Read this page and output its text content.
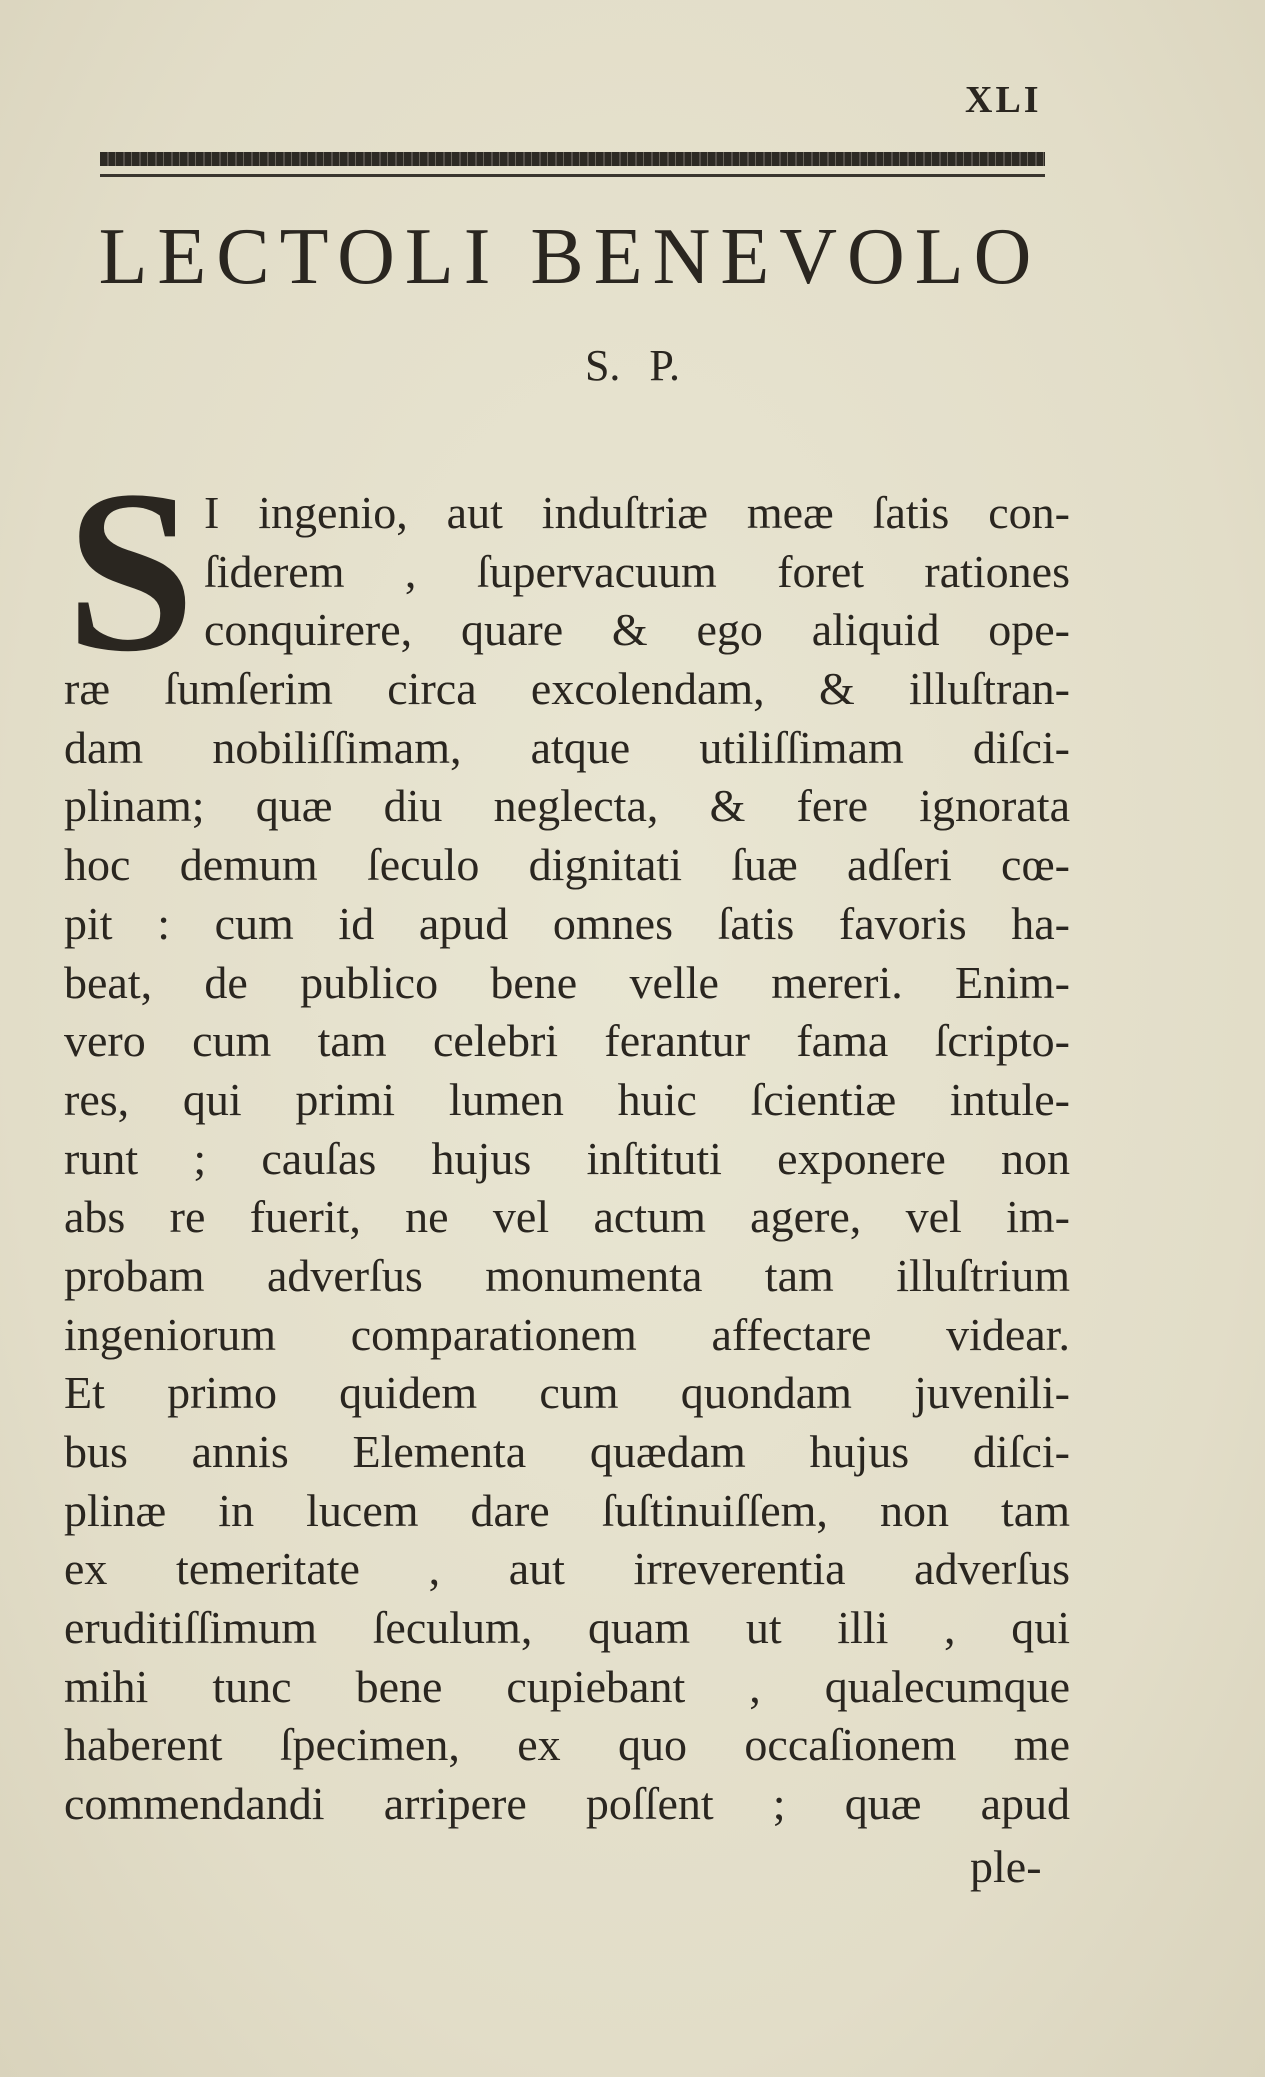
XLI
LECTOLI BENEVOLO
S. P.
S I ingenio, aut induſtriæ meæ ſatis con-
ſiderem , ſupervacuum foret rationes
conquirere, quare & ego aliquid ope-
ræ ſumſerim circa excolendam, & illuſtran-
dam nobiliſſimam, atque utiliſſimam diſci-
plinam; quæ diu neglecta, & fere ignorata
hoc demum ſeculo dignitati ſuæ adſeri cœ-
pit : cum id apud omnes ſatis favoris ha-
beat, de publico bene velle mereri. Enim-
vero cum tam celebri ferantur fama ſcripto-
res, qui primi lumen huic ſcientiæ intule-
runt ; cauſas hujus inſtituti exponere non
abs re fuerit, ne vel actum agere, vel im-
probam adverſus monumenta tam illuſtrium
ingeniorum comparationem affectare videar.
Et primo quidem cum quondam juvenili-
bus annis Elementa quædam hujus diſci-
plinæ in lucem dare ſuſtinuiſſem, non tam
ex temeritate , aut irreverentia adverſus
eruditiſſimum ſeculum, quam ut illi , qui
mihi tunc bene cupiebant , qualecumque
haberent ſpecimen, ex quo occaſionem me
commendandi arripere poſſent ; quæ apud
ple-
